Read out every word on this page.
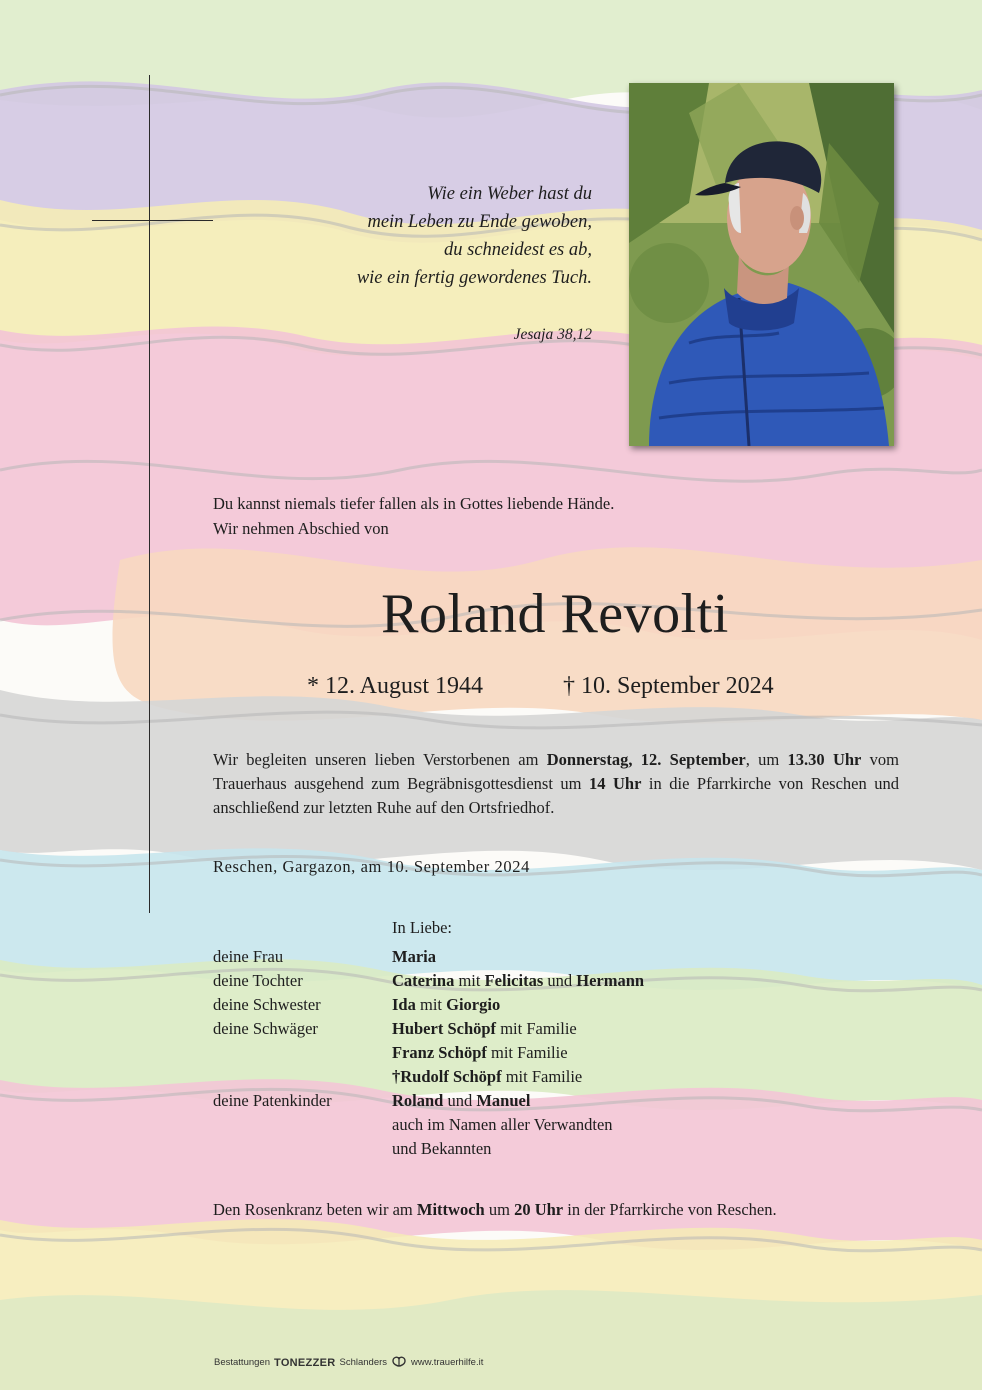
Wie ein Weber hast du
mein Leben zu Ende gewoben,
du schneidest es ab,
wie ein fertig gewordenes Tuch.
Jesaja 38,12
Du kannst niemals tiefer fallen als in Gottes liebende Hände.
Wir nehmen Abschied von
Roland Revolti
* 12. August 1944	† 10. September 2024
Wir begleiten unseren lieben Verstorbenen am Donnerstag, 12. September, um 13.30 Uhr vom Trauerhaus ausgehend zum Begräbnisgottesdienst um 14 Uhr in die Pfarrkirche von Reschen und anschließend zur letzten Ruhe auf den Ortsfriedhof.
Reschen, Gargazon, am 10. September 2024
In Liebe:
deine Frau	Maria
deine Tochter	Caterina mit Felicitas und Hermann
deine Schwester	Ida mit Giorgio
deine Schwäger	Hubert Schöpf mit Familie
Franz Schöpf mit Familie
†Rudolf Schöpf mit Familie
deine Patenkinder	Roland und Manuel
auch im Namen aller Verwandten
und Bekannten
Den Rosenkranz beten wir am Mittwoch um 20 Uhr in der Pfarrkirche von Reschen.
Bestattungen TONEZZER Schlanders	www.trauerhilfe.it
